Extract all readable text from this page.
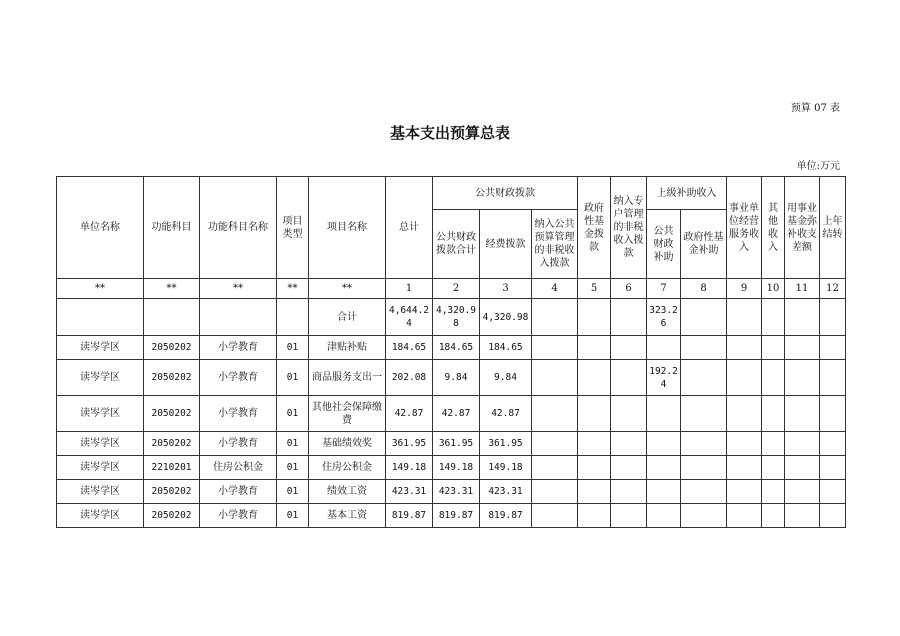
预算 07 表
基本支出预算总表
单位:万元
单位名称	功能科目	功能科目名称	项目类型	项目名称	总计	公共财政拨款			政府性基金拨款	纳入专户管理的非税收入拨款	上级补助收入		事业单位经营服务收入	其他收入	用事业基金弥补收支差额	上年结转
						公共财政拨款合计	经费拨款	纳入公共预算管理的非税收入拨款			公共财政补助	政府性基金补助				
**	**	**	**	**	1	2	3	4	5	6	7	8	9	10	11	12
				合计	4,644.24	4,320.98	4,320.98				323.26					
读岑学区	2050202	小学教育	01	津贴补贴	184.65	184.65	184.65									
读岑学区	2050202	小学教育	01	商品服务支出一	202.08	9.84	9.84				192.24					
读岑学区	2050202	小学教育	01	其他社会保障缴费	42.87	42.87	42.87									
读岑学区	2050202	小学教育	01	基础绩效奖	361.95	361.95	361.95									
读岑学区	2210201	住房公积金	01	住房公积金	149.18	149.18	149.18									
读岑学区	2050202	小学教育	01	绩效工资	423.31	423.31	423.31									
读岑学区	2050202	小学教育	01	基本工资	819.87	819.87	819.87									
